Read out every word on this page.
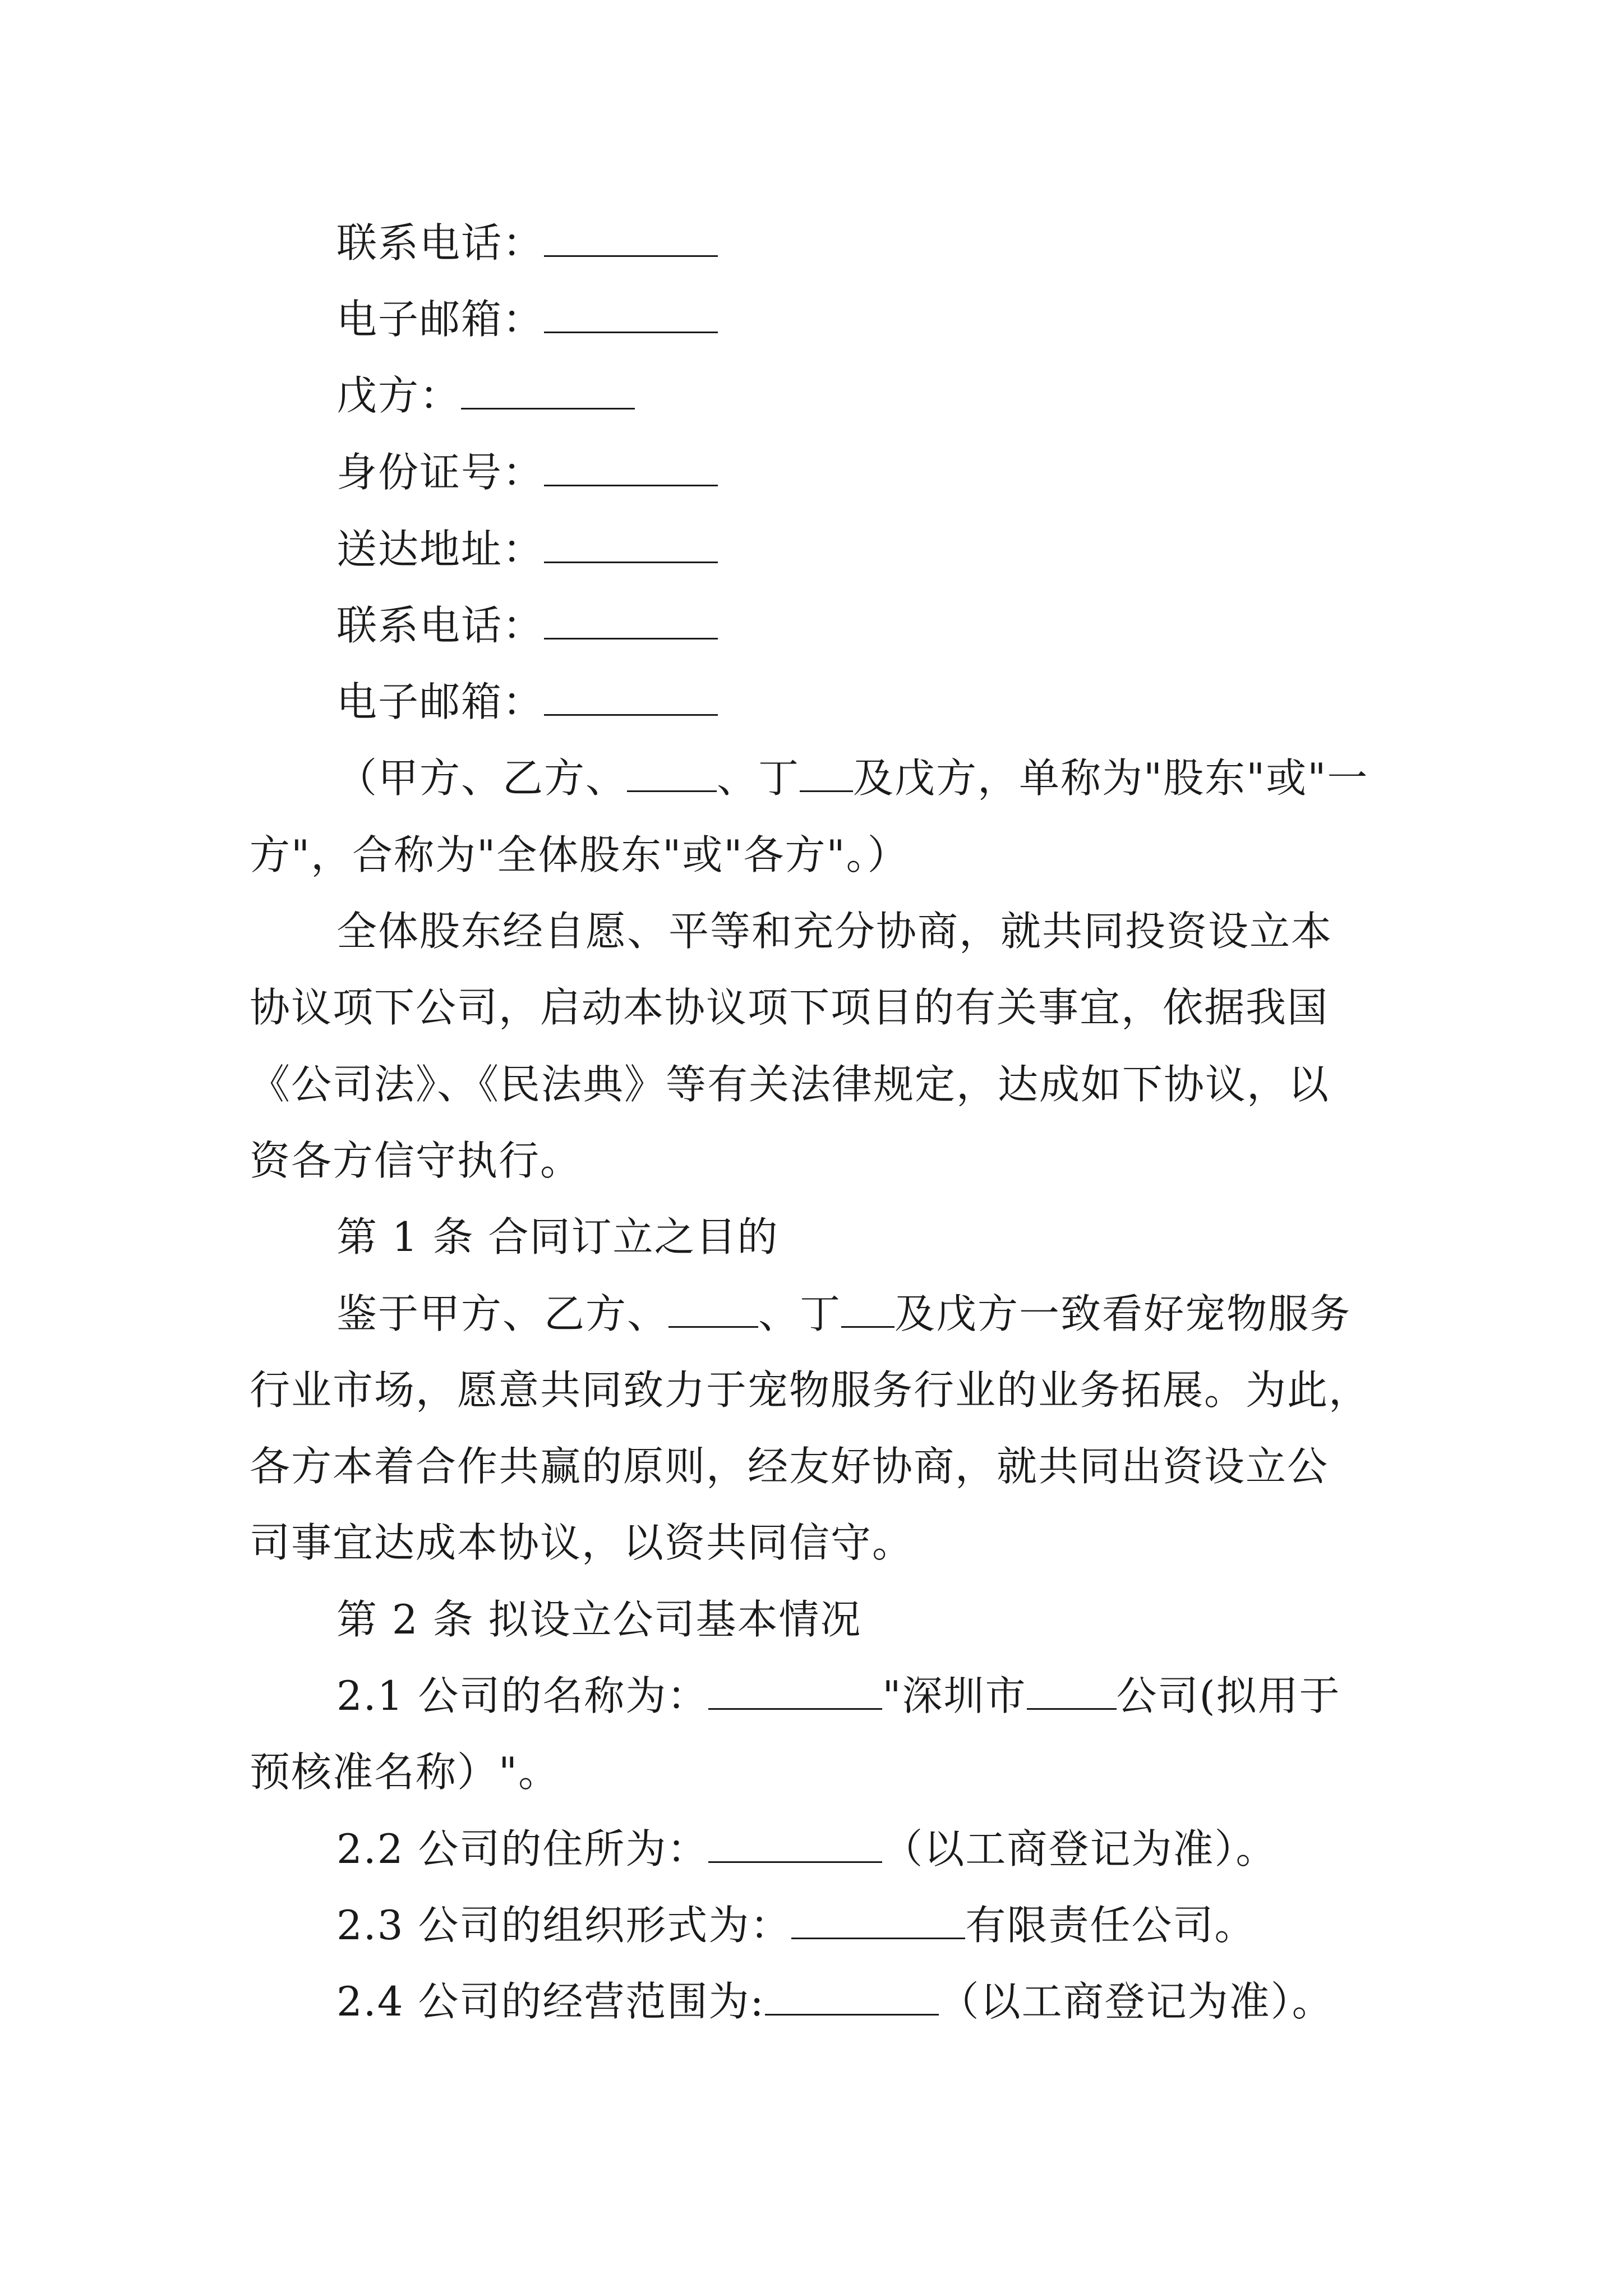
联系电话：
电子邮箱：
戊方：
身份证号：
送达地址：
联系电话：
电子邮箱：
（甲方、乙方、 、丁 及戊方，单称为"股东"或"一
方"，合称为"全体股东"或"各方"。）
全体股东经自愿、平等和充分协商，就共同投资设立本
协议项下公司，启动本协议项下项目的有关事宜，依据我国
《公司法》、《民法典》等有关法律规定，达成如下协议，以
资各方信守执行。
第 1 条 合同订立之目的
鉴于甲方、乙方、 、丁 及戊方一致看好宠物服务
行业市场，愿意共同致力于宠物服务行业的业务拓展。为此，
各方本着合作共赢的原则，经友好协商，就共同出资设立公
司事宜达成本协议，以资共同信守。
第 2 条 拟设立公司基本情况
2.1 公司的名称为：	"深圳市 公司(拟用于
预核准名称）"。
2.2 公司的住所为：	（以工商登记为准）。
2.3 公司的组织形式为：	有限责任公司。
2.4 公司的经营范围为:	（以工商登记为准）。
